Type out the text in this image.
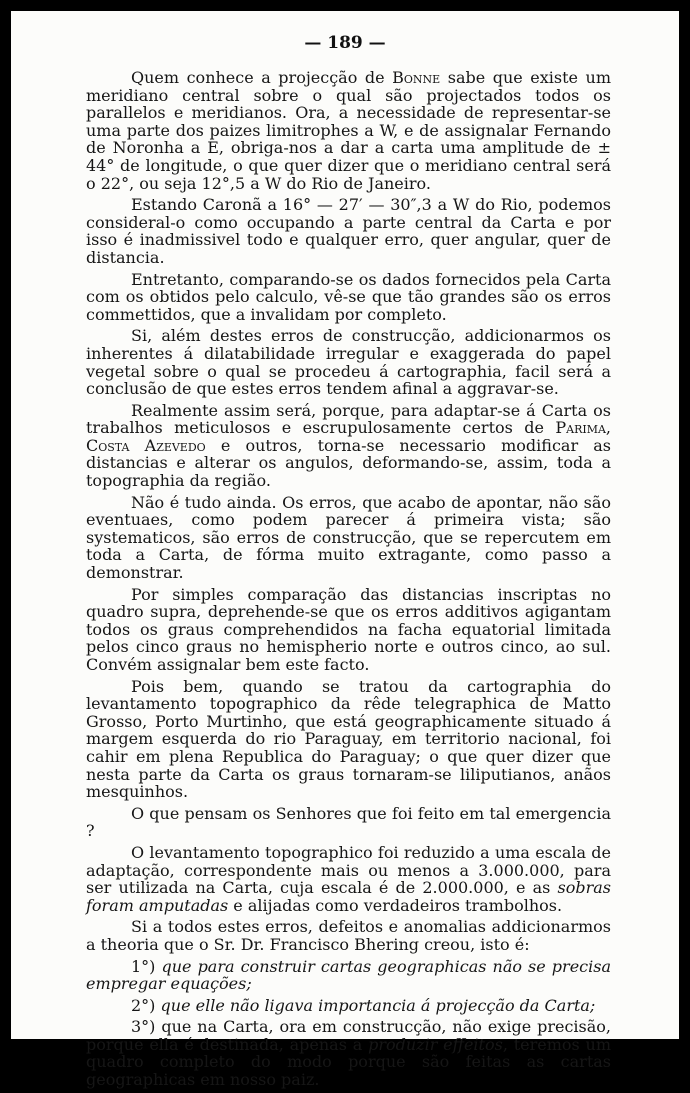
— 189 —

Quem conhece a projecção de Bonne sabe que existe um meridiano central sobre o qual são projectados todos os parallelos e meridianos. Ora, a necessidade de representar-se uma parte dos paizes limitrophes a W, e de assignalar Fernando de Noronha a E, obriga-nos a dar a carta uma amplitude de ± 44° de longitude, o que quer dizer que o meridiano central será o 22°, ou seja 12°,5 a W do Rio de Janeiro.

Estando Caronã a 16° — 27′ — 30″,3 a W do Rio, podemos consideral-o como occupando a parte central da Carta e por isso é inadmissivel todo e qualquer erro, quer angular, quer de distancia.

Entretanto, comparando-se os dados fornecidos pela Carta com os obtidos pelo calculo, vê-se que tão grandes são os erros commettidos, que a invalidam por completo.

Si, além destes erros de construcção, addicionarmos os inherentes á dilatabilidade irregular e exaggerada do papel vegetal sobre o qual se procedeu á cartographia, facil será a conclusão de que estes erros tendem afinal a aggravar-se.

Realmente assim será, porque, para adaptar-se á Carta os trabalhos meticulosos e escrupulosamente certos de Parima, Costa Azevedo e outros, torna-se necessario modificar as distancias e alterar os angulos, deformando-se, assim, toda a topographia da região.

Não é tudo ainda. Os erros, que acabo de apontar, não são eventuaes, como podem parecer á primeira vista; são systematicos, são erros de construcção, que se repercutem em toda a Carta, de fórma muito extragante, como passo a demonstrar.

Por simples comparação das distancias inscriptas no quadro supra, deprehende-se que os erros additivos agigantam todos os graus comprehendidos na facha equatorial limitada pelos cinco graus no hemispherio norte e outros cinco, ao sul. Convém assignalar bem este facto.

Pois bem, quando se tratou da cartographia do levantamento topographico da rêde telegraphica de Matto Grosso, Porto Murtinho, que está geographicamente situado á margem esquerda do rio Paraguay, em territorio nacional, foi cahir em plena Republica do Paraguay; o que quer dizer que nesta parte da Carta os graus tornaram-se liliputianos, anãos mesquinhos.

O que pensam os Senhores que foi feito em tal emergencia ?

O levantamento topographico foi reduzido a uma escala de adaptação, correspondente mais ou menos a 3.000.000, para ser utilizada na Carta, cuja escala é de 2.000.000, e as sobras foram amputadas e alijadas como verdadeiros trambolhos.

Si a todos estes erros, defeitos e anomalias addicionarmos a theoria que o Sr. Dr. Francisco Bhering creou, isto é:

1°) que para construir cartas geographicas não se precisa empregar equações;

2°) que elle não ligava importancia á projecção da Carta;

3°) que na Carta, ora em construcção, não exige precisão, porque ella é destinada, apenas a produzir effeitos, teremos um quadro completo do modo porque são feitas as cartas geographicas em nosso paiz.
